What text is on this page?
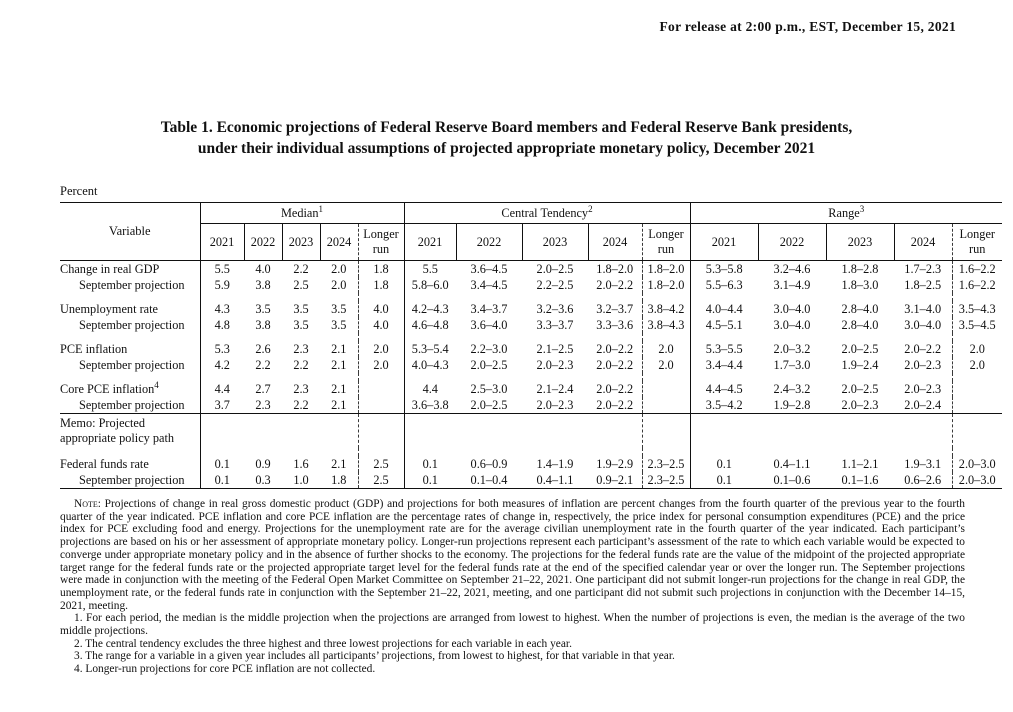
For release at 2:00 p.m., EST, December 15, 2021
Table 1. Economic projections of Federal Reserve Board members and Federal Reserve Bank presidents,
under their individual assumptions of projected appropriate monetary policy, December 2021
Percent
Variable	Median$^1$					Central Tendency$^2$					Range$^3$
	2021	2022	2023	2024	Longer run	2021	2022	2023	2024	Longer run	2021	2022	2023	2024	Longer run
Change in real GDP	5.5	4.0	2.2	2.0	1.8	5.5	3.6–4.5	2.0–2.5	1.8–2.0	1.8–2.0	5.3–5.8	3.2–4.6	1.8–2.8	1.7–2.3	1.6–2.2
September projection	5.9	3.8	2.5	2.0	1.8	5.8–6.0	3.4–4.5	2.2–2.5	2.0–2.2	1.8–2.0	5.5–6.3	3.1–4.9	1.8–3.0	1.8–2.5	1.6–2.2

Unemployment rate	4.3	3.5	3.5	3.5	4.0	4.2–4.3	3.4–3.7	3.2–3.6	3.2–3.7	3.8–4.2	4.0–4.4	3.0–4.0	2.8–4.0	3.1–4.0	3.5–4.3
September projection	4.8	3.8	3.5	3.5	4.0	4.6–4.8	3.6–4.0	3.3–3.7	3.3–3.6	3.8–4.3	4.5–5.1	3.0–4.0	2.8–4.0	3.0–4.0	3.5–4.5

PCE inflation	5.3	2.6	2.3	2.1	2.0	5.3–5.4	2.2–3.0	2.1–2.5	2.0–2.2	2.0	5.3–5.5	2.0–3.2	2.0–2.5	2.0–2.2	2.0
September projection	4.2	2.2	2.2	2.1	2.0	4.0–4.3	2.0–2.5	2.0–2.3	2.0–2.2	2.0	3.4–4.4	1.7–3.0	1.9–2.4	2.0–2.3	2.0

Core PCE inflation$^4$	4.4	2.7	2.3	2.1		4.4	2.5–3.0	2.1–2.4	2.0–2.2		4.4–4.5	2.4–3.2	2.0–2.5	2.0–2.3	
September projection	3.7	2.3	2.2	2.1		3.6–3.8	2.0–2.5	2.0–2.3	2.0–2.2		3.5–4.2	1.9–2.8	2.0–2.3	2.0–2.4	

Memo: Projected
appropriate policy path															

Federal funds rate	0.1	0.9	1.6	2.1	2.5	0.1	0.6–0.9	1.4–1.9	1.9–2.9	2.3–2.5	0.1	0.4–1.1	1.1–2.1	1.9–3.1	2.0–3.0
September projection	0.1	0.3	1.0	1.8	2.5	0.1	0.1–0.4	0.4–1.1	0.9–2.1	2.3–2.5	0.1	0.1–0.6	0.1–1.6	0.6–2.6	2.0–3.0
Note: Projections of change in real gross domestic product (GDP) and projections for both measures of inflation are percent changes from the fourth quarter of the previous year to the fourth quarter of the year indicated. PCE inflation and core PCE inflation are the percentage rates of change in, respectively, the price index for personal consumption expenditures (PCE) and the price index for PCE excluding food and energy. Projections for the unemployment rate are for the average civilian unemployment rate in the fourth quarter of the year indicated. Each participant’s projections are based on his or her assessment of appropriate monetary policy. Longer-run projections represent each participant’s assessment of the rate to which each variable would be expected to converge under appropriate monetary policy and in the absence of further shocks to the economy. The projections for the federal funds rate are the value of the midpoint of the projected appropriate target range for the federal funds rate or the projected appropriate target level for the federal funds rate at the end of the specified calendar year or over the longer run. The September projections were made in conjunction with the meeting of the Federal Open Market Committee on September 21–22, 2021. One participant did not submit longer-run projections for the change in real GDP, the unemployment rate, or the federal funds rate in conjunction with the September 21–22, 2021, meeting, and one participant did not submit such projections in conjunction with the December 14–15, 2021, meeting.
1. For each period, the median is the middle projection when the projections are arranged from lowest to highest. When the number of projections is even, the median is the average of the two middle projections.
2. The central tendency excludes the three highest and three lowest projections for each variable in each year.
3. The range for a variable in a given year includes all participants’ projections, from lowest to highest, for that variable in that year.
4. Longer-run projections for core PCE inflation are not collected.
